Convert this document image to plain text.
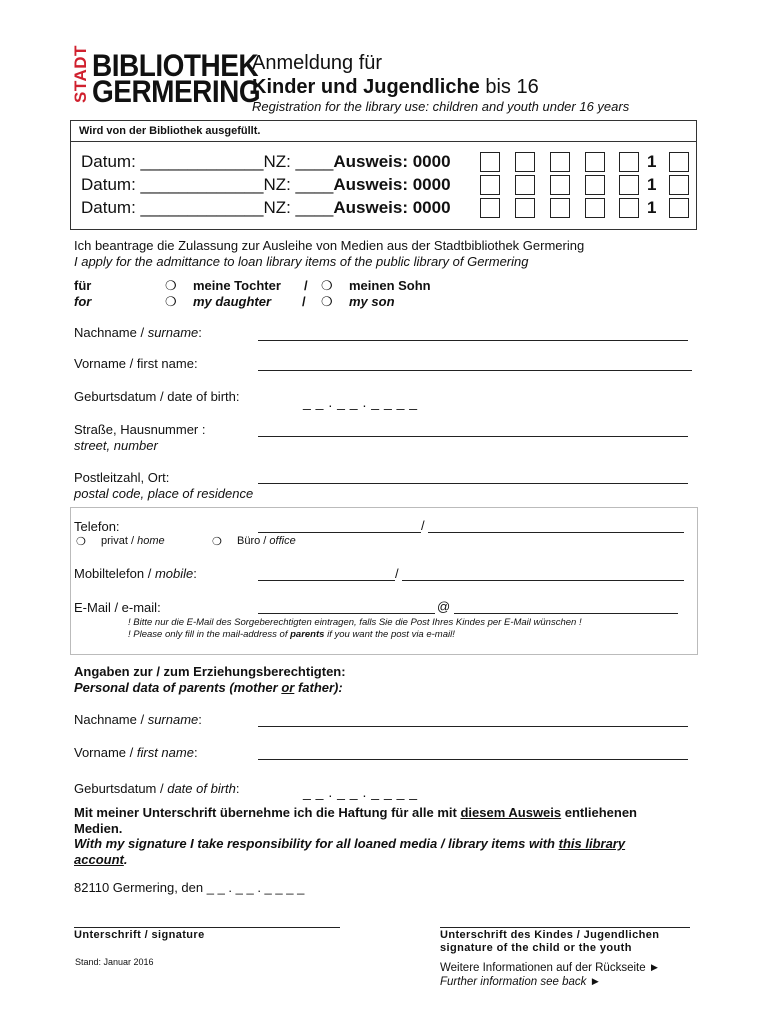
STADT BIBLIOTHEK
GERMERING
Anmeldung für
Kinder und Jugendliche bis 16
Registration for the library use: children and youth under 16 years
Wird von der Bibliothek ausgefüllt.
Datum: _____________NZ: ____Ausweis: 0000
Datum: _____________NZ: ____Ausweis: 0000
Datum: _____________NZ: ____Ausweis: 0000
1
1
1
Ich beantrage die Zulassung zur Ausleihe von Medien aus der Stadtbibliothek Germering
I apply for the admittance to loan library items of the public library of Germering
für
for
❍ meine Tochter / ❍ meinen Sohn
❍ my daughter / ❍ my son
Nachname / surname:
Vorname / first name:
Geburtsdatum / date of birth:	_ _ . _ _ . _ _ _ _
Straße, Hausnummer :
street, number
Postleitzahl, Ort:
postal code, place of residence
Telefon:	/
❍ privat / home	❍ Büro / office
Mobiltelefon / mobile:	/
E-Mail / e-mail:	@
! Bitte nur die E-Mail des Sorgeberechtigten eintragen, falls Sie die Post Ihres Kindes per E-Mail wünschen !
! Please only fill in the mail-address of parents if you want the post via e-mail!
Angaben zur / zum Erziehungsberechtigten:
Personal data of parents (mother or father):
Nachname / surname:
Vorname / first name:
Geburtsdatum / date of birth:	_ _ . _ _ . _ _ _ _
Mit meiner Unterschrift übernehme ich die Haftung für alle mit diesem Ausweis entliehenen
Medien.
With my signature I take responsibility for all loaned media / library items with this library
account.
82110 Germering, den _ _ . _ _ . _ _ _ _
Unterschrift / signature	Unterschrift des Kindes / Jugendlichen
signature of the child or the youth
Stand: Januar 2016	Weitere Informationen auf der Rückseite ►
Further information see back ►
